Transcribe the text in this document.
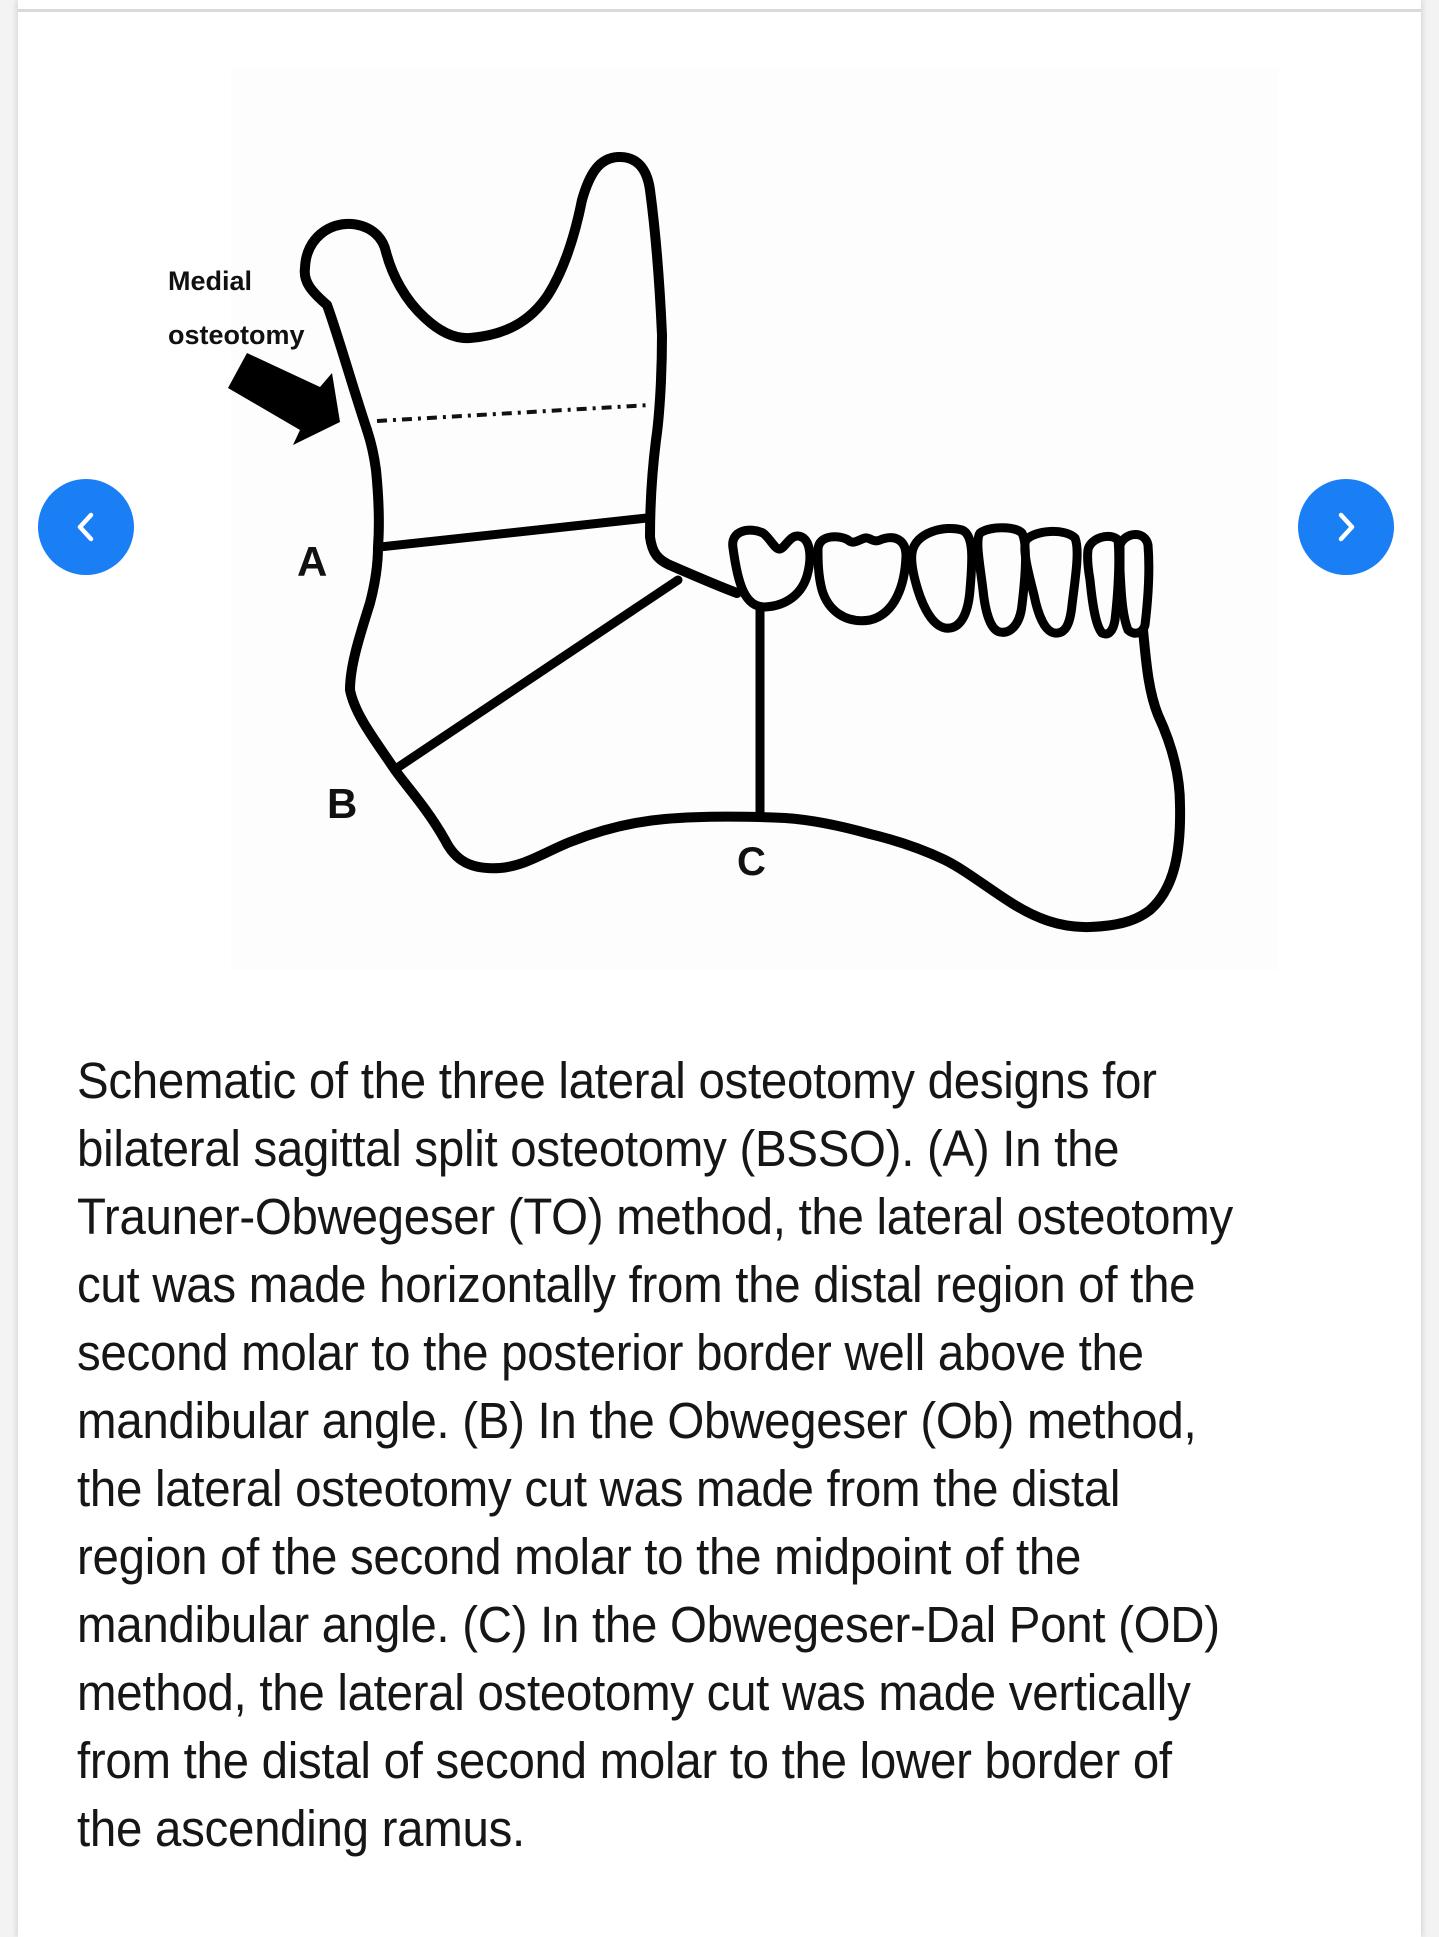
Medial
osteotomy
A
B
C
Schematic of the three lateral osteotomy designs for
bilateral sagittal split osteotomy (BSSO). (A) In the
Trauner-Obwegeser (TO) method, the lateral osteotomy
cut was made horizontally from the distal region of the
second molar to the posterior border well above the
mandibular angle. (B) In the Obwegeser (Ob) method,
the lateral osteotomy cut was made from the distal
region of the second molar to the midpoint of the
mandibular angle. (C) In the Obwegeser-Dal Pont (OD)
method, the lateral osteotomy cut was made vertically
from the distal of second molar to the lower border of
the ascending ramus.
